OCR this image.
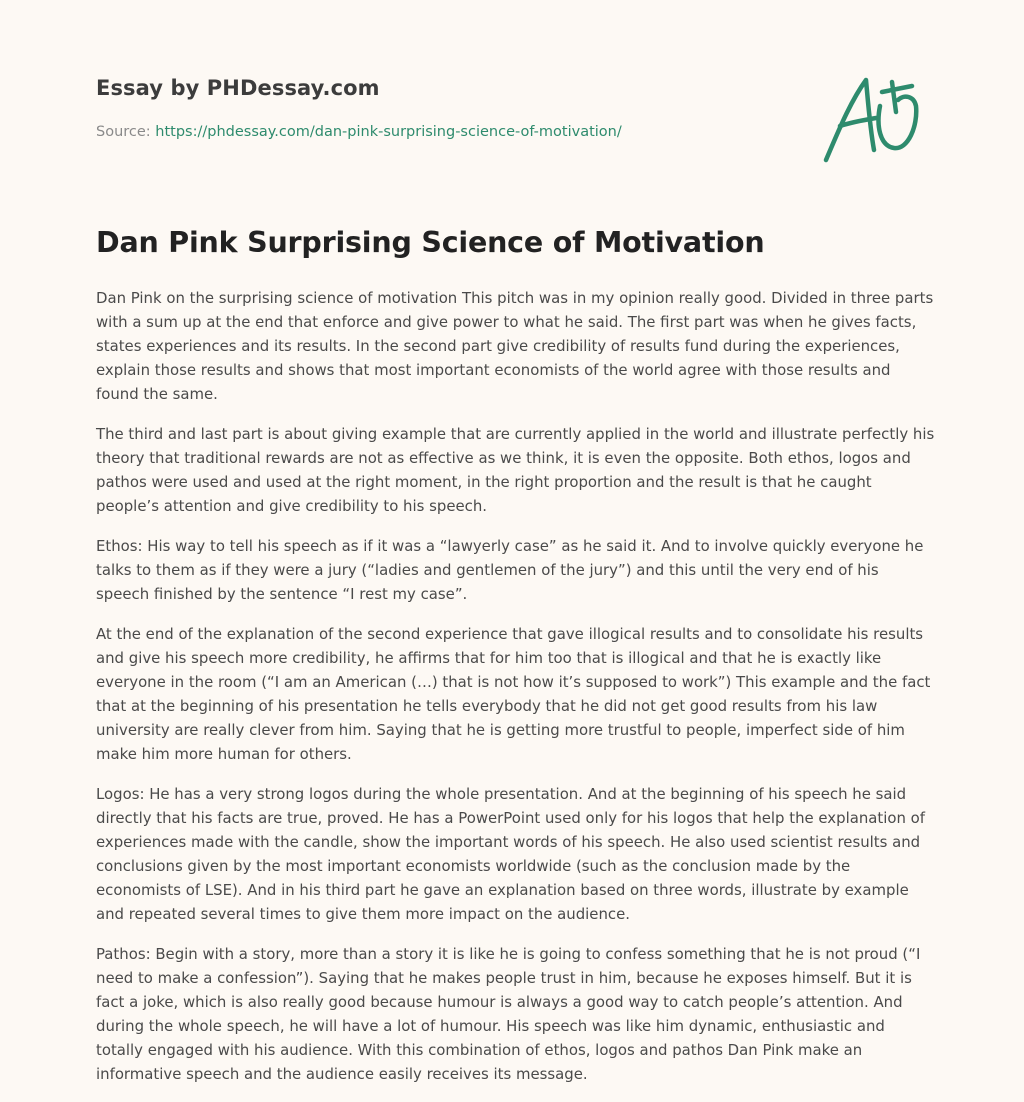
Essay by PHDessay.com
Source: https://phdessay.com/dan-pink-surprising-science-of-motivation/
Dan Pink Surprising Science of Motivation

Dan Pink on the surprising science of motivation This pitch was in my opinion really good. Divided in three parts with a sum up at the end that enforce and give power to what he said. The first part was when he gives facts, states experiences and its results. In the second part give credibility of results fund during the experiences, explain those results and shows that most important economists of the world agree with those results and found the same.

The third and last part is about giving example that are currently applied in the world and illustrate perfectly his theory that traditional rewards are not as effective as we think, it is even the opposite. Both ethos, logos and pathos were used and used at the right moment, in the right proportion and the result is that he caught people’s attention and give credibility to his speech.

Ethos: His way to tell his speech as if it was a “lawyerly case” as he said it. And to involve quickly everyone he talks to them as if they were a jury (“ladies and gentlemen of the jury”) and this until the very end of his speech finished by the sentence “I rest my case”.

At the end of the explanation of the second experience that gave illogical results and to consolidate his results and give his speech more credibility, he affirms that for him too that is illogical and that he is exactly like everyone in the room (“I am an American (…) that is not how it’s supposed to work”) This example and the fact that at the beginning of his presentation he tells everybody that he did not get good results from his law university are really clever from him. Saying that he is getting more trustful to people, imperfect side of him make him more human for others.

Logos: He has a very strong logos during the whole presentation. And at the beginning of his speech he said directly that his facts are true, proved. He has a PowerPoint used only for his logos that help the explanation of experiences made with the candle, show the important words of his speech. He also used scientist results and conclusions given by the most important economists worldwide (such as the conclusion made by the economists of LSE). And in his third part he gave an explanation based on three words, illustrate by example and repeated several times to give them more impact on the audience.

Pathos: Begin with a story, more than a story it is like he is going to confess something that he is not proud (“I need to make a confession”). Saying that he makes people trust in him, because he exposes himself. But it is fact a joke, which is also really good because humour is always a good way to catch people’s attention. And during the whole speech, he will have a lot of humour. His speech was like him dynamic, enthusiastic and totally engaged with his audience. With this combination of ethos, logos and pathos Dan Pink make an informative speech and the audience easily receives its message.
